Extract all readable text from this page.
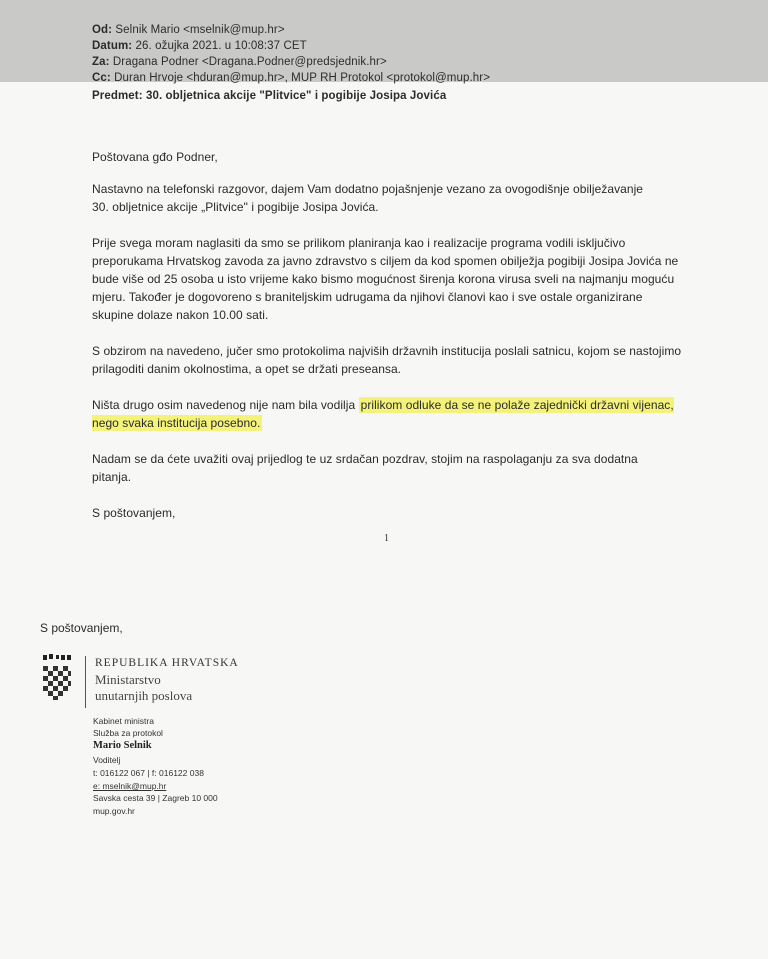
Od: Selnik Mario <mselnik@mup.hr>
Datum: 26. ožujka 2021. u 10:08:37 CET
Za: Dragana Podner <Dragana.Podner@predsjednik.hr>
Cc: Duran Hrvoje <hduran@mup.hr>, MUP RH Protokol <protokol@mup.hr>
Predmet: 30. obljetnica akcije "Plitvice" i pogibije Josipa Jovića
Poštovana gđo Podner,
Nastavno na telefonski razgovor, dajem Vam dodatno pojašnjenje vezano za ovogodišnje obilježavanje 30. obljetnice akcije „Plitvice" i pogibije Josipa Jovića.
Prije svega moram naglasiti da smo se prilikom planiranja kao i realizacije programa vodili isključivo preporukama Hrvatskog zavoda za javno zdravstvo s ciljem da kod spomen obilježja pogibiji Josipa Jovića ne bude više od 25 osoba u isto vrijeme kako bismo mogućnost širenja korona virusa sveli na najmanju moguću mjeru. Također je dogovoreno s braniteljskim udrugama da njihovi članovi kao i sve ostale organizirane skupine dolaze nakon 10.00 sati.
S obzirom na navedeno, jučer smo protokolima najviših državnih institucija poslali satnicu, kojom se nastojimo prilagoditi danim okolnostima, a opet se držati preseansa.
Ništa drugo osim navedenog nije nam bila vodilja prilikom odluke da se ne polaže zajednički državni vijenac, nego svaka institucija posebno.
Nadam se da ćete uvažiti ovaj prijedlog te uz srdačan pozdrav, stojim na raspolaganju za sva dodatna pitanja.
S poštovanjem,
1
S poštovanjem,
REPUBLIKA HRVATSKA
Ministarstvo
unutarnjih poslova
Kabinet ministra
Služba za protokol
Mario Selnik
Voditelj
t: 016122 067 | f: 016122 038
e: mselnik@mup.hr
Savska cesta 39 | Zagreb 10 000
mup.gov.hr
